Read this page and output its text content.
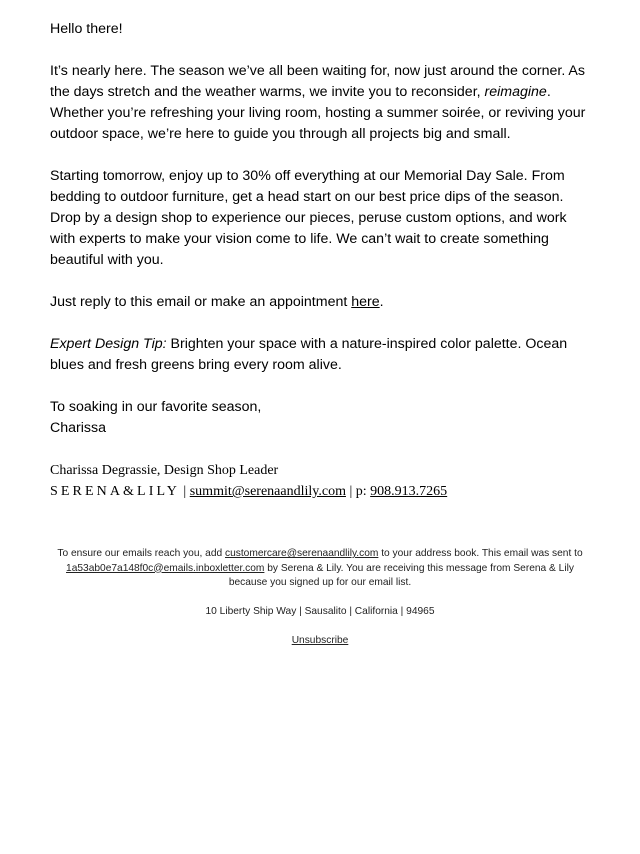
Hello there!

It’s nearly here. The season we’ve all been waiting for, now just around the corner. As the days stretch and the weather warms, we invite you to reconsider, reimagine. Whether you’re refreshing your living room, hosting a summer soirée, or reviving your outdoor space, we’re here to guide you through all projects big and small.

Starting tomorrow, enjoy up to 30% off everything at our Memorial Day Sale. From bedding to outdoor furniture, get a head start on our best price dips of the season. Drop by a design shop to experience our pieces, peruse custom options, and work with experts to make your vision come to life. We can’t wait to create something beautiful with you.

Just reply to this email or make an appointment here.

Expert Design Tip: Brighten your space with a nature-inspired color palette. Ocean blues and fresh greens bring every room alive.

To soaking in our favorite season,

Charissa

Charissa Degrassie, Design Shop Leader
SERENA&LILY | summit@serenaandlily.com | p: 908.913.7265

To ensure our emails reach you, add customercare@serenaandlily.com to your address book. This email was sent to 1a53ab0e7a148f0c@emails.inboxletter.com by Serena & Lily. You are receiving this message from Serena & Lily because you signed up for our email list.

10 Liberty Ship Way | Sausalito | California | 94965

Unsubscribe
